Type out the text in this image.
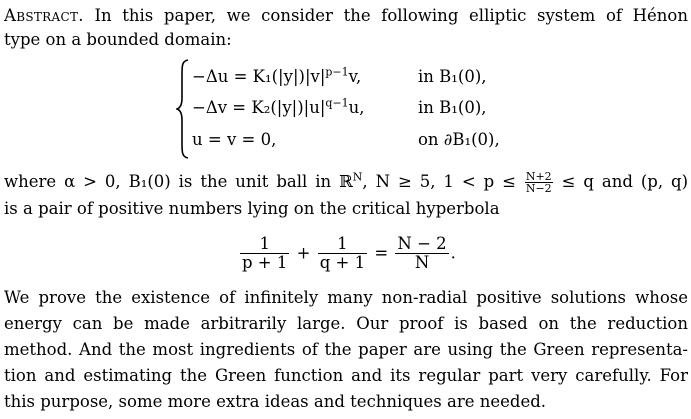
Abstract. In this paper, we consider the following elliptic system of Hénon
type on a bounded domain:
$-\Delta u = K_1(|y|)|v|^{p-1}v$,	in B₁(0),
$-\Delta v = K_2(|y|)|u|^{q-1}u$,	in B₁(0),
u = v = 0,	on ∂B₁(0),
where α > 0, B₁(0) is the unit ball in ℝ$^N$, N ≥ 5, $1 < p \le \frac{N+2}{N-2} \le q$ and (p, q)
is a pair of positive numbers lying on the critical hyperbola
$\frac{1}{p + 1} + \frac{1}{q + 1} = \frac{N - 2}{N}$ .
We prove the existence of infinitely many non-radial positive solutions whose
energy can be made arbitrarily large. Our proof is based on the reduction
method. And the most ingredients of the paper are using the Green representa-
tion and estimating the Green function and its regular part very carefully. For
this purpose, some more extra ideas and techniques are needed.
